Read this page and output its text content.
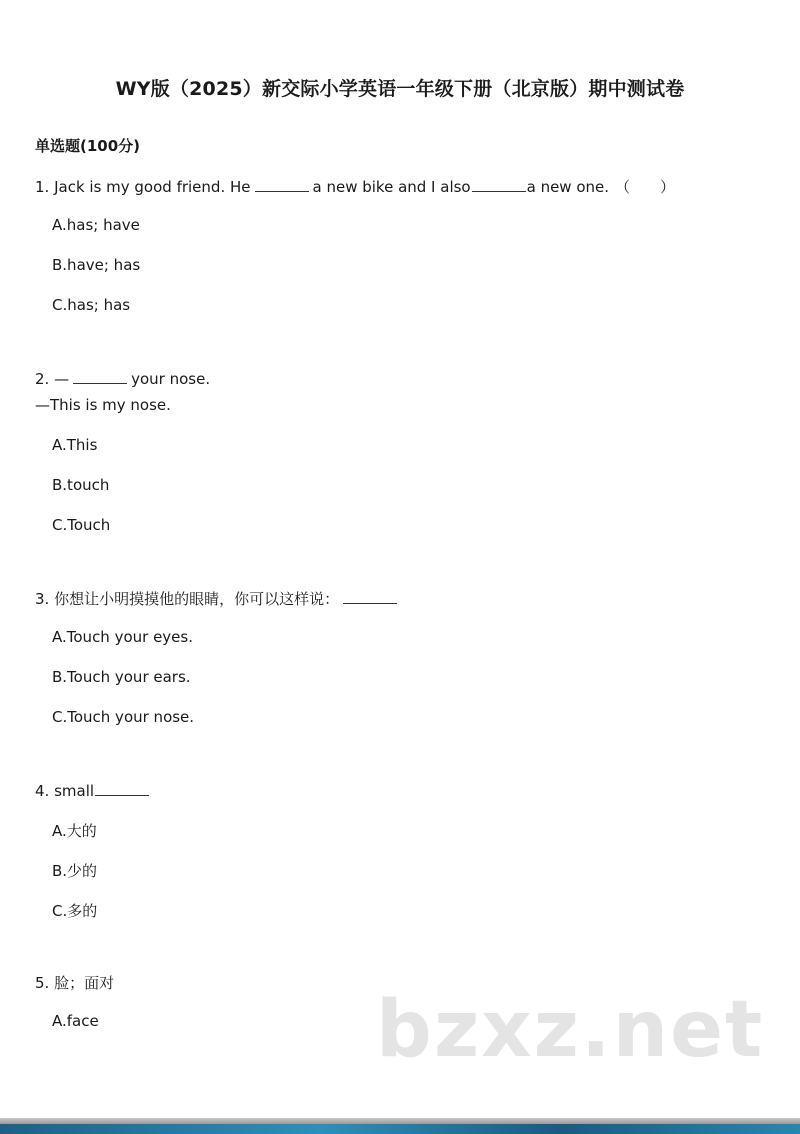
WY版（2025）新交际小学英语一年级下册（北京版）期中测试卷
单选题(100分)
1. Jack is my good friend. He	a new bike and I also	a new one. （　　）
A.has; have
B.have; has
C.has; has
2. —	your nose.
—This is my nose.
A.This
B.touch
C.Touch
3. 你想让小明摸摸他的眼睛，你可以这样说：
A.Touch your eyes.
B.Touch your ears.
C.Touch your nose.
4. small
A.大的
B.少的
C.多的
5. 脸；面对
A.face	bzxz.net
